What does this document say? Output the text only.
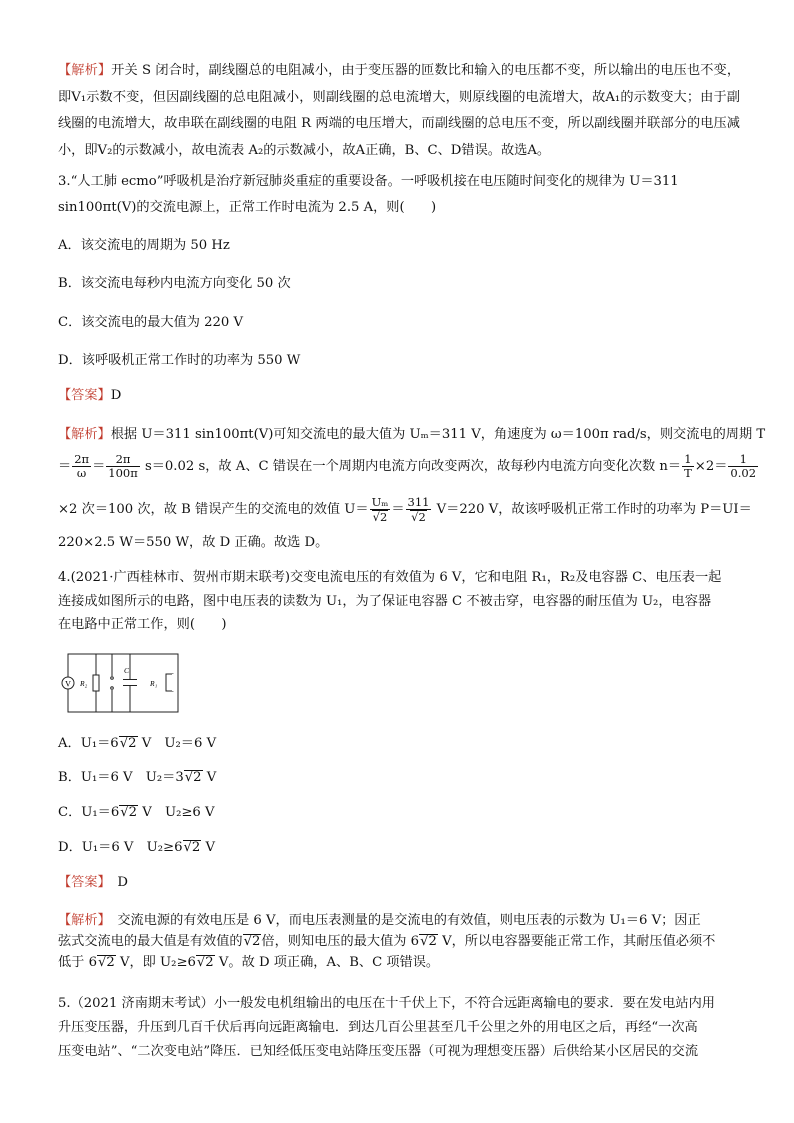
【解析】开关 S 闭合时，副线圈总的电阻减小，由于变压器的匝数比和输入的电压都不变，所以输出的电压也不变，即V₁示数不变，但因副线圈的总电阻减小，则副线圈的总电流增大，则原线圈的电流增大，故A₁的示数变大；由于副线圈的电流增大，故串联在副线圈的电阻 R 两端的电压增大，而副线圈的总电压不变，所以副线圈并联部分的电压减小，即V₂的示数减小，故电流表 A₂的示数减小，故A正确，B、C、D错误。故选A。
3.“人工肺 ecmo”呼吸机是治疗新冠肺炎重症的重要设备。一呼吸机接在电压随时间变化的规律为 U＝311
sin100πt(V)的交流电源上，正常工作时电流为 2.5 A，则(　　)
A．该交流电的周期为 50 Hz
B．该交流电每秒内电流方向变化 50 次
C．该交流电的最大值为 220 V
D．该呼吸机正常工作时的功率为 550 W
【答案】D
【解析】根据 U＝311 sin100πt(V)可知交流电的最大值为 Uₘ＝311 V，角速度为 ω＝100π rad/s，则交流电的周期 T
＝ $\frac{2\pi}{\omega} = \frac{2\pi}{100\pi} s=0.02$ s，故 A、C 错误在一个周期内电流方向改变两次，故每秒内电流方向变化次数 $n= \frac{1}{T} \times 2= \frac{1}{0.02}$
×2 次＝100 次，故 B 错误产生的交流电的效值 U＝ Uₘ
√ 2 ＝ 311
√ 2 V＝220 V，故该呼吸机正常工作时的功率为 P＝UI＝
220×2.5 W＝550 W，故 D 正确。故选 D。
4.(2021·广西桂林市、贺州市期末联考)交变电流电压的有效值为 6 V，它和电阻 R₁，R₂及电容器 C、电压表一起
连接成如图所示的电路，图中电压表的读数为 U₁，为了保证电容器 C 不被击穿，电容器的耐压值为 U₂，电容器
在电路中正常工作，则(　　)
V R₂
C
R₁
A．U₁＝6 √ 2 V　 U₂＝6 V
B．U₁＝6 V　 U₂＝3 √ 2 V
C．U₁＝6 √ 2 V　 U₂≥6 V
D．U₁＝6 V　 U₂≥6 √ 2 V
【答案】　 D
【解析】　交流电源的有效电压是 6 V，而电压表测量的是交流电的有效值，则电压表的示数为 U₁＝6 V；因正
弦式交流电的最大值是有效值的 √ 2倍，则知电压的最大值为 6 √ 2 V，所以电容器要能正常工作，其耐压值必须不
低于 6 √ 2 V，即 U₂≥6 √ 2 V。故 D 项正确，A、B、C 项错误。
5.（2021 济南期末考试）小一般发电机组输出的电压在十千伏上下，不符合远距离输电的要求．要在发电站内用
升压变压器，升压到几百千伏后再向远距离输电．到达几百公里甚至几千公里之外的用电区之后，再经“一次高
压变电站”、“二次变电站”降压．已知经低压变电站降压变压器（可视为理想变压器）后供给某小区居民的交流
